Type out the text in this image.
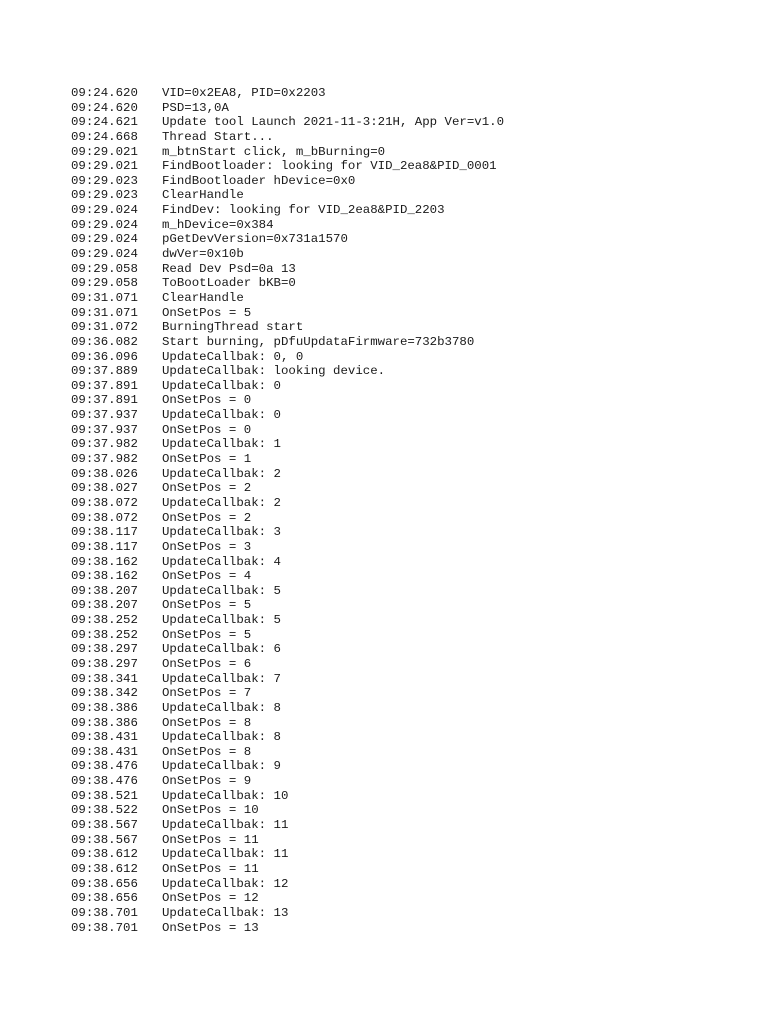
09:24.620	VID=0x2EA8, PID=0x2203
09:24.620	PSD=13,0A
09:24.621	Update tool Launch 2021-11-3:21H, App Ver=v1.0
09:24.668	Thread Start...
09:29.021	m_btnStart click, m_bBurning=0
09:29.021	FindBootloader: looking for VID_2ea8&PID_0001
09:29.023	FindBootloader hDevice=0x0
09:29.023	ClearHandle
09:29.024	FindDev: looking for VID_2ea8&PID_2203
09:29.024	m_hDevice=0x384
09:29.024	pGetDevVersion=0x731a1570
09:29.024	dwVer=0x10b
09:29.058	Read Dev Psd=0a 13
09:29.058	ToBootLoader bKB=0
09:31.071	ClearHandle
09:31.071	OnSetPos = 5
09:31.072	BurningThread start
09:36.082	Start burning, pDfuUpdataFirmware=732b3780
09:36.096	UpdateCallbak: 0, 0
09:37.889	UpdateCallbak: looking device.
09:37.891	UpdateCallbak: 0
09:37.891	OnSetPos = 0
09:37.937	UpdateCallbak: 0
09:37.937	OnSetPos = 0
09:37.982	UpdateCallbak: 1
09:37.982	OnSetPos = 1
09:38.026	UpdateCallbak: 2
09:38.027	OnSetPos = 2
09:38.072	UpdateCallbak: 2
09:38.072	OnSetPos = 2
09:38.117	UpdateCallbak: 3
09:38.117	OnSetPos = 3
09:38.162	UpdateCallbak: 4
09:38.162	OnSetPos = 4
09:38.207	UpdateCallbak: 5
09:38.207	OnSetPos = 5
09:38.252	UpdateCallbak: 5
09:38.252	OnSetPos = 5
09:38.297	UpdateCallbak: 6
09:38.297	OnSetPos = 6
09:38.341	UpdateCallbak: 7
09:38.342	OnSetPos = 7
09:38.386	UpdateCallbak: 8
09:38.386	OnSetPos = 8
09:38.431	UpdateCallbak: 8
09:38.431	OnSetPos = 8
09:38.476	UpdateCallbak: 9
09:38.476	OnSetPos = 9
09:38.521	UpdateCallbak: 10
09:38.522	OnSetPos = 10
09:38.567	UpdateCallbak: 11
09:38.567	OnSetPos = 11
09:38.612	UpdateCallbak: 11
09:38.612	OnSetPos = 11
09:38.656	UpdateCallbak: 12
09:38.656	OnSetPos = 12
09:38.701	UpdateCallbak: 13
09:38.701	OnSetPos = 13
